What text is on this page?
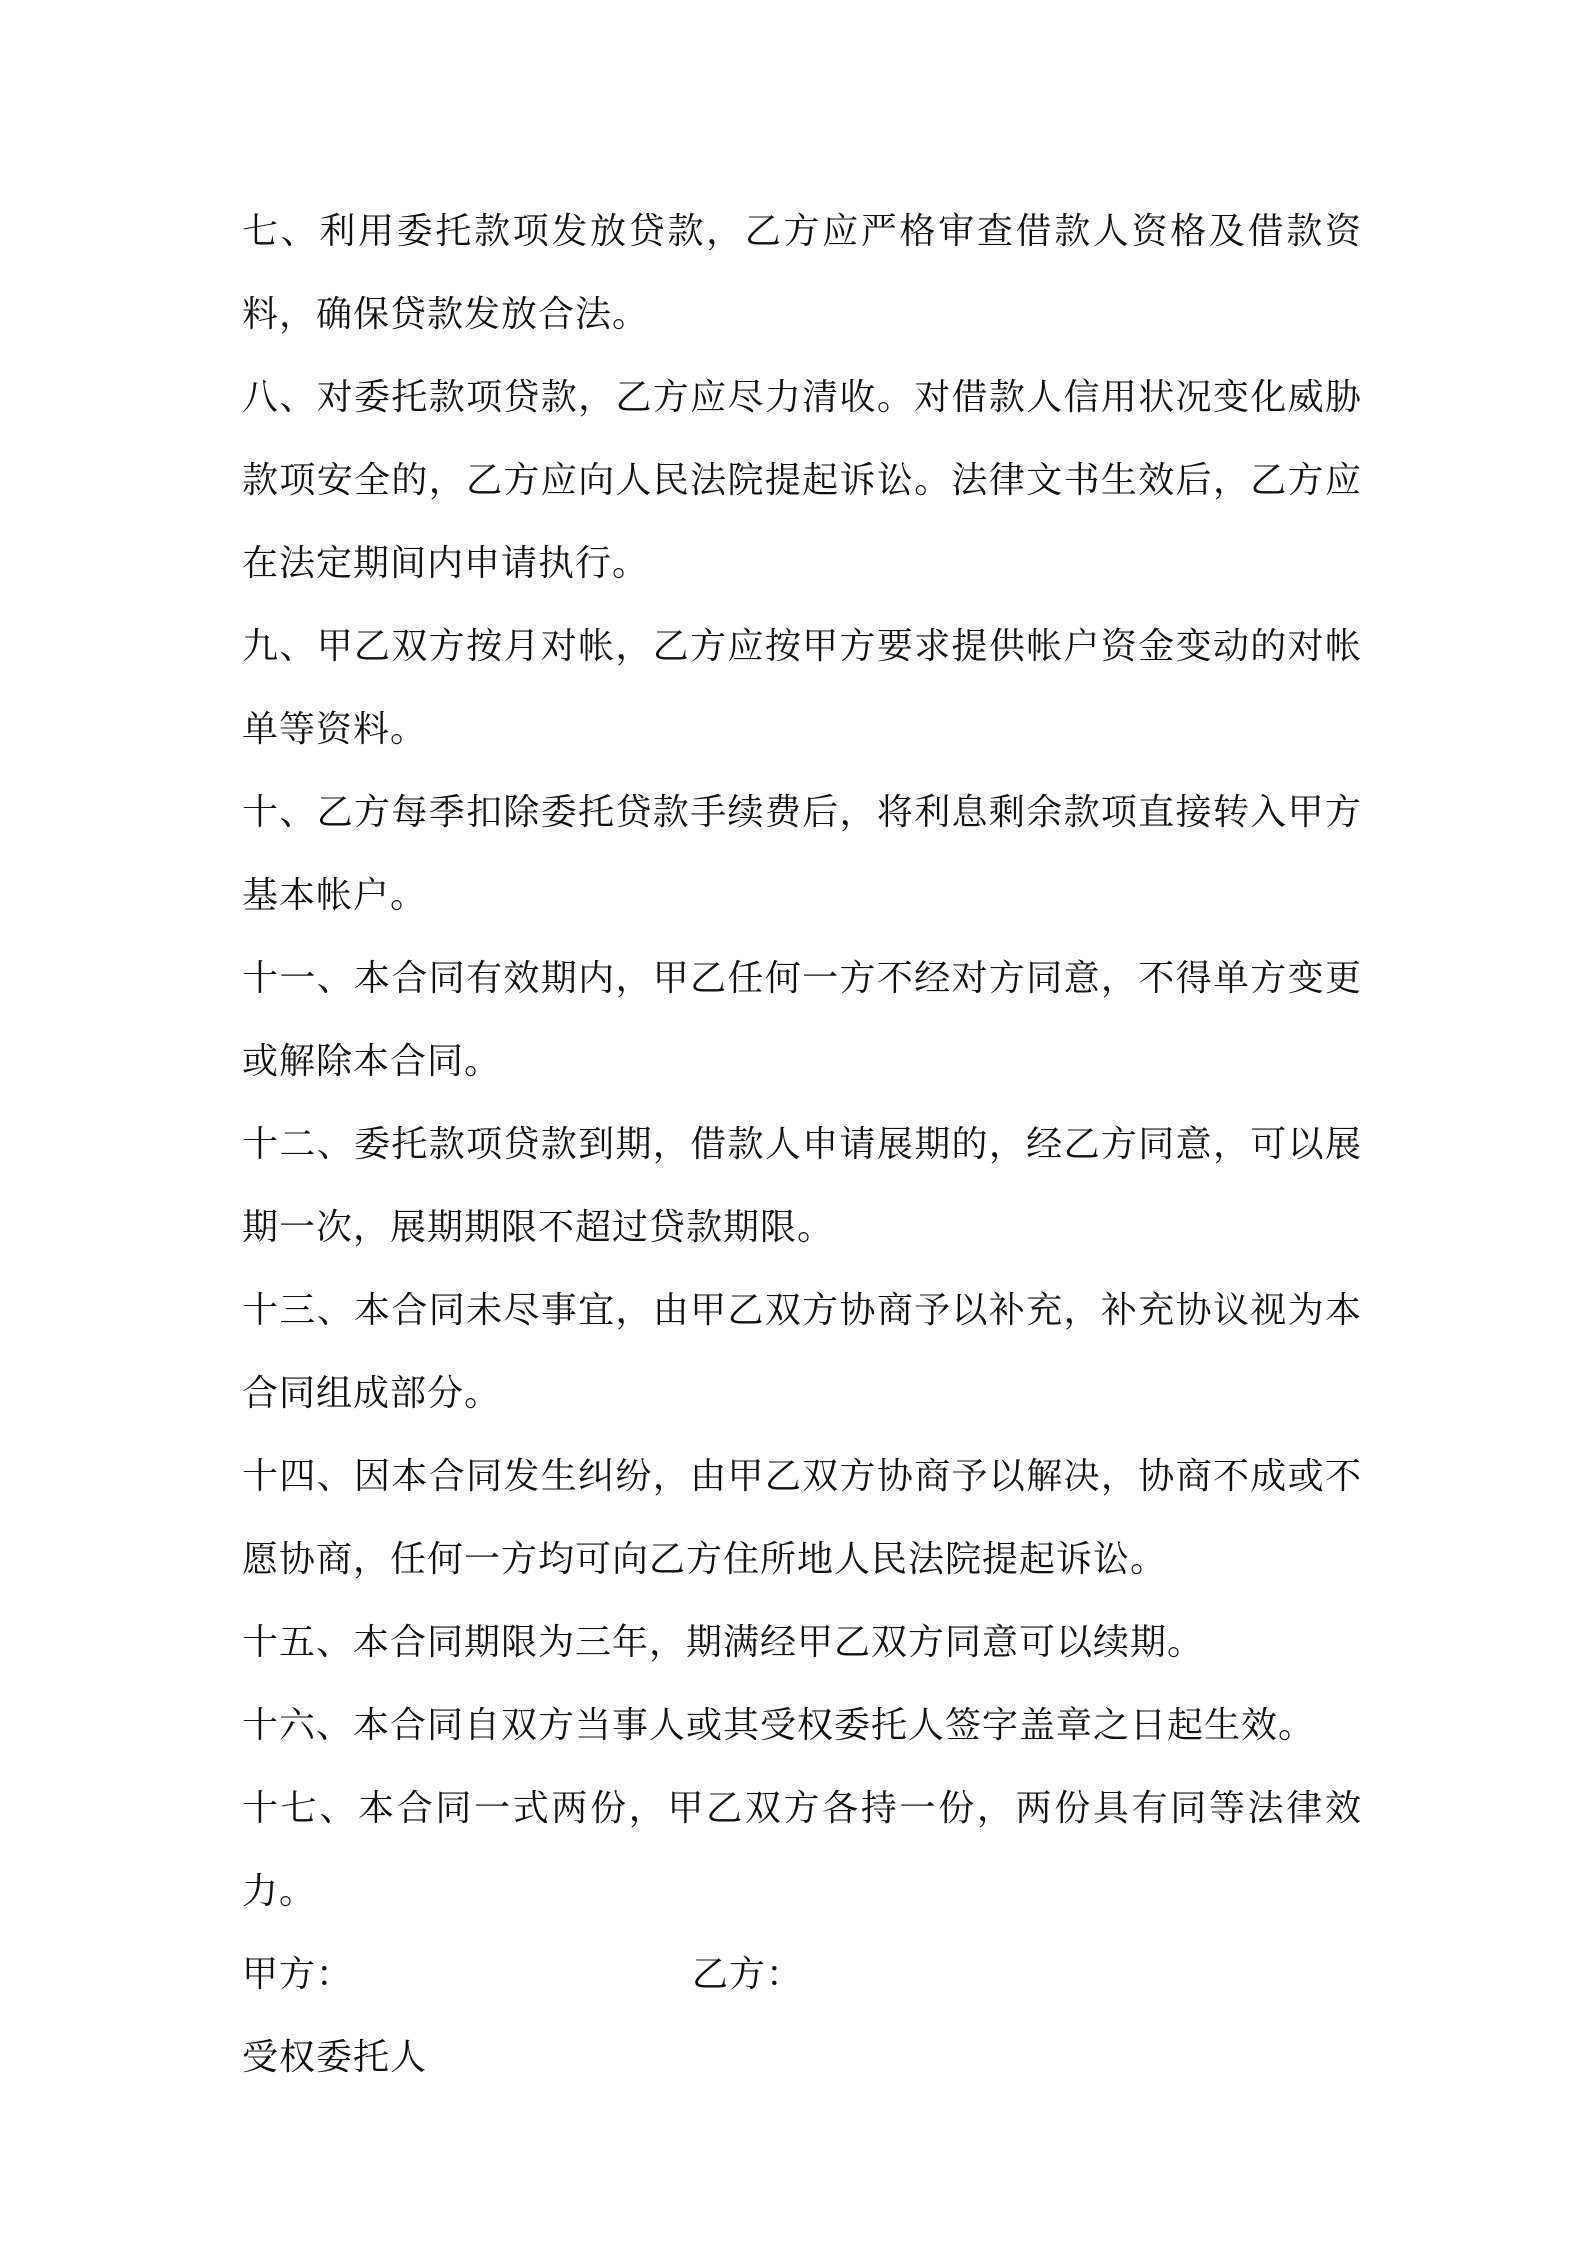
七、利用委托款项发放贷款，乙方应严格审查借款人资格及借款资料，确保贷款发放合法。

八、对委托款项贷款，乙方应尽力清收。对借款人信用状况变化威胁款项安全的，乙方应向人民法院提起诉讼。法律文书生效后，乙方应在法定期间内申请执行。

九、甲乙双方按月对帐，乙方应按甲方要求提供帐户资金变动的对帐单等资料。

十、乙方每季扣除委托贷款手续费后，将利息剩余款项直接转入甲方基本帐户。

十一、本合同有效期内，甲乙任何一方不经对方同意，不得单方变更或解除本合同。

十二、委托款项贷款到期，借款人申请展期的，经乙方同意，可以展期一次，展期期限不超过贷款期限。

十三、本合同未尽事宜，由甲乙双方协商予以补充，补充协议视为本合同组成部分。

十四、因本合同发生纠纷，由甲乙双方协商予以解决，协商不成或不愿协商，任何一方均可向乙方住所地人民法院提起诉讼。

十五、本合同期限为三年，期满经甲乙双方同意可以续期。

十六、本合同自双方当事人或其受权委托人签字盖章之日起生效。

十七、本合同一式两份，甲乙双方各持一份，两份具有同等法律效力。

甲方：	乙方：
受权委托人
